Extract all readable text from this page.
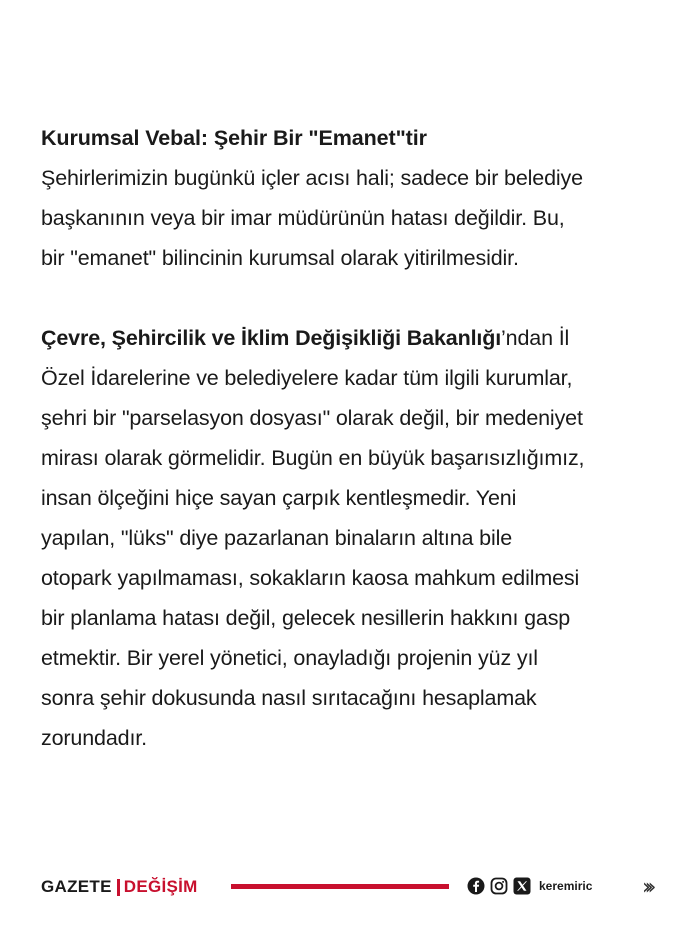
Kurumsal Vebal: Şehir Bir "Emanet"tir

Şehirlerimizin bugünkü içler acısı hali; sadece bir belediye

başkanının veya bir imar müdürünün hatası değildir. Bu,

bir "emanet" bilincinin kurumsal olarak yitirilmesidir.

Çevre, Şehircilik ve İklim Değişikliği Bakanlığı’ndan İl

Özel İdarelerine ve belediyelere kadar tüm ilgili kurumlar,

şehri bir "parselasyon dosyası" olarak değil, bir medeniyet

mirası olarak görmelidir. Bugün en büyük başarısızlığımız,

insan ölçeğini hiçe sayan çarpık kentleşmedir. Yeni

yapılan, "lüks" diye pazarlanan binaların altına bile

otopark yapılmaması, sokakların kaosa mahkum edilmesi

bir planlama hatası değil, gelecek nesillerin hakkını gasp

etmektir. Bir yerel yönetici, onayladığı projenin yüz yıl

sonra şehir dokusunda nasıl sırıtacağını hesaplamak

zorundadır.

GAZETE DEĞİŞİM	keremiric ›››
